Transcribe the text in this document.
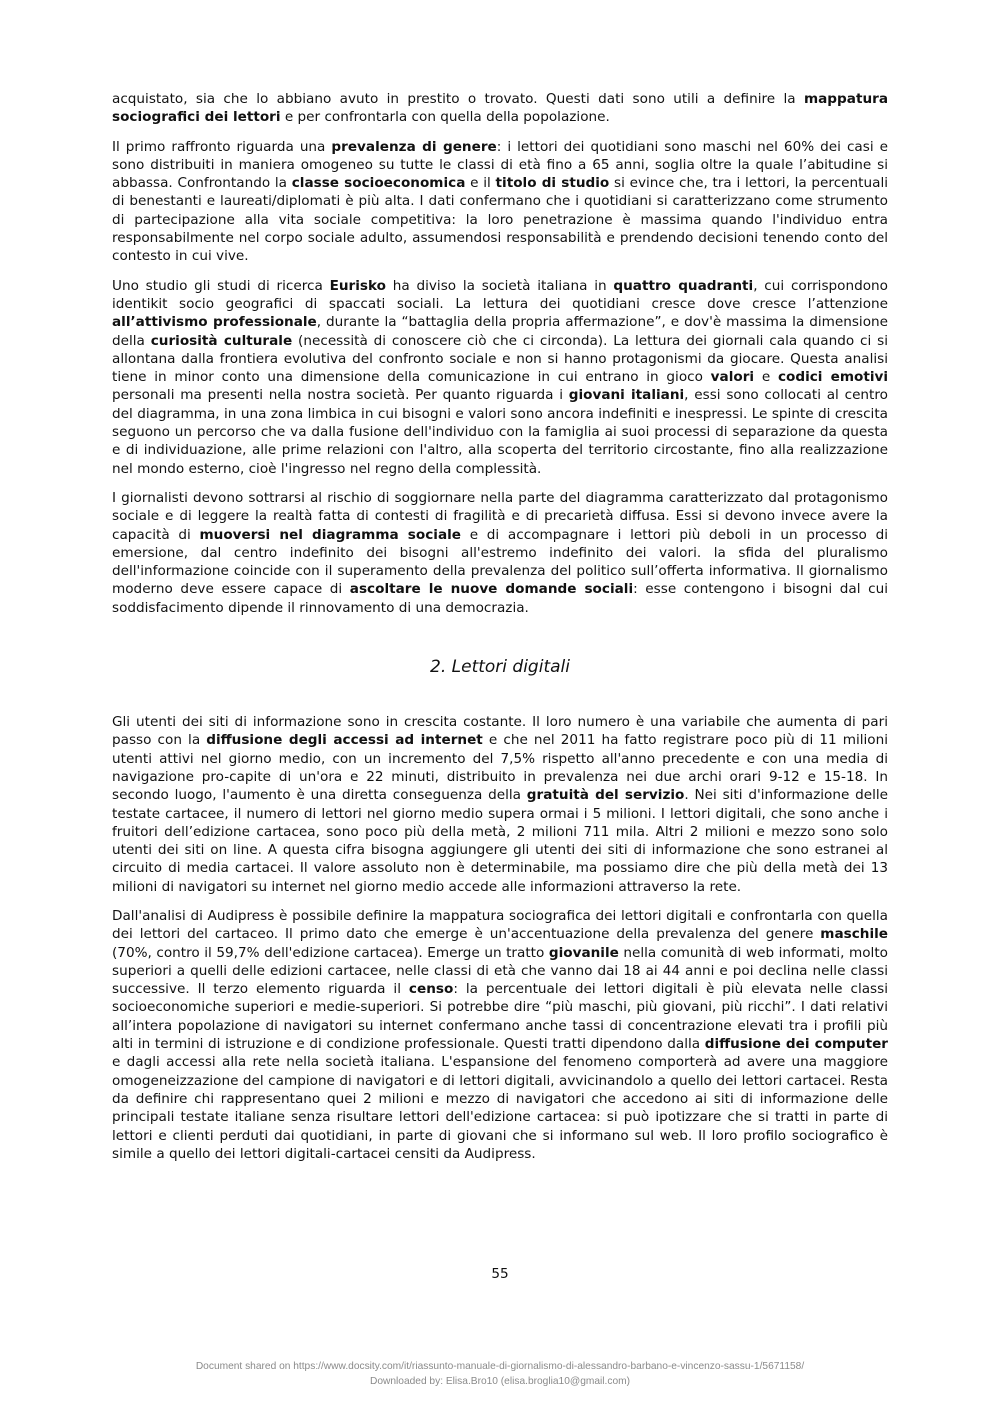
acquistato, sia che lo abbiano avuto in prestito o trovato. Questi dati sono utili a definire la mappatura sociografici dei lettori e per confrontarla con quella della popolazione.

Il primo raffronto riguarda una prevalenza di genere: i lettori dei quotidiani sono maschi nel 60% dei casi e sono distribuiti in maniera omogeneo su tutte le classi di età fino a 65 anni, soglia oltre la quale l’abitudine si abbassa. Confrontando la classe socioeconomica e il titolo di studio si evince che, tra i lettori, la percentuali di benestanti e laureati/diplomati è più alta. I dati confermano che i quotidiani si caratterizzano come strumento di partecipazione alla vita sociale competitiva: la loro penetrazione è massima quando l'individuo entra responsabilmente nel corpo sociale adulto, assumendosi responsabilità e prendendo decisioni tenendo conto del contesto in cui vive.

Uno studio gli studi di ricerca Eurisko ha diviso la società italiana in quattro quadranti, cui corrispondono identikit socio geografici di spaccati sociali. La lettura dei quotidiani cresce dove cresce l’attenzione all’attivismo professionale, durante la “battaglia della propria affermazione”, e dov'è massima la dimensione della curiosità culturale (necessità di conoscere ciò che ci circonda). La lettura dei giornali cala quando ci si allontana dalla frontiera evolutiva del confronto sociale e non si hanno protagonismi da giocare. Questa analisi tiene in minor conto una dimensione della comunicazione in cui entrano in gioco valori e codici emotivi personali ma presenti nella nostra società. Per quanto riguarda i giovani italiani, essi sono collocati al centro del diagramma, in una zona limbica in cui bisogni e valori sono ancora indefiniti e inespressi. Le spinte di crescita seguono un percorso che va dalla fusione dell'individuo con la famiglia ai suoi processi di separazione da questa e di individuazione, alle prime relazioni con l'altro, alla scoperta del territorio circostante, fino alla realizzazione nel mondo esterno, cioè l'ingresso nel regno della complessità.

I giornalisti devono sottrarsi al rischio di soggiornare nella parte del diagramma caratterizzato dal protagonismo sociale e di leggere la realtà fatta di contesti di fragilità e di precarietà diffusa. Essi si devono invece avere la capacità di muoversi nel diagramma sociale e di accompagnare i lettori più deboli in un processo di emersione, dal centro indefinito dei bisogni all'estremo indefinito dei valori. la sfida del pluralismo dell'informazione coincide con il superamento della prevalenza del politico sull’offerta informativa. Il giornalismo moderno deve essere capace di ascoltare le nuove domande sociali: esse contengono i bisogni dal cui soddisfacimento dipende il rinnovamento di una democrazia.

2. Lettori digitali

Gli utenti dei siti di informazione sono in crescita costante. Il loro numero è una variabile che aumenta di pari passo con la diffusione degli accessi ad internet e che nel 2011 ha fatto registrare poco più di 11 milioni utenti attivi nel giorno medio, con un incremento del 7,5% rispetto all'anno precedente e con una media di navigazione pro-capite di un'ora e 22 minuti, distribuito in prevalenza nei due archi orari 9-12 e 15-18. In secondo luogo, l'aumento è una diretta conseguenza della gratuità del servizio. Nei siti d'informazione delle testate cartacee, il numero di lettori nel giorno medio supera ormai i 5 milioni. I lettori digitali, che sono anche i fruitori dell’edizione cartacea, sono poco più della metà, 2 milioni 711 mila. Altri 2 milioni e mezzo sono solo utenti dei siti on line. A questa cifra bisogna aggiungere gli utenti dei siti di informazione che sono estranei al circuito di media cartacei. Il valore assoluto non è determinabile, ma possiamo dire che più della metà dei 13 milioni di navigatori su internet nel giorno medio accede alle informazioni attraverso la rete.

Dall'analisi di Audipress è possibile definire la mappatura sociografica dei lettori digitali e confrontarla con quella dei lettori del cartaceo. Il primo dato che emerge è un'accentuazione della prevalenza del genere maschile (70%, contro il 59,7% dell'edizione cartacea). Emerge un tratto giovanile nella comunità di web informati, molto superiori a quelli delle edizioni cartacee, nelle classi di età che vanno dai 18 ai 44 anni e poi declina nelle classi successive. Il terzo elemento riguarda il censo: la percentuale dei lettori digitali è più elevata nelle classi socioeconomiche superiori e medie-superiori. Si potrebbe dire “più maschi, più giovani, più ricchi”. I dati relativi all’intera popolazione di navigatori su internet confermano anche tassi di concentrazione elevati tra i profili più alti in termini di istruzione e di condizione professionale. Questi tratti dipendono dalla diffusione dei computer e dagli accessi alla rete nella società italiana. L'espansione del fenomeno comporterà ad avere una maggiore omogeneizzazione del campione di navigatori e di lettori digitali, avvicinandolo a quello dei lettori cartacei. Resta da definire chi rappresentano quei 2 milioni e mezzo di navigatori che accedono ai siti di informazione delle principali testate italiane senza risultare lettori dell'edizione cartacea: si può ipotizzare che si tratti in parte di lettori e clienti perduti dai quotidiani, in parte di giovani che si informano sul web. Il loro profilo sociografico è simile a quello dei lettori digitali-cartacei censiti da Audipress.

55
Document shared on https://www.docsity.com/it/riassunto-manuale-di-giornalismo-di-alessandro-barbano-e-vincenzo-sassu-1/5671158/
Downloaded by: Elisa.Bro10 (elisa.broglia10@gmail.com)
